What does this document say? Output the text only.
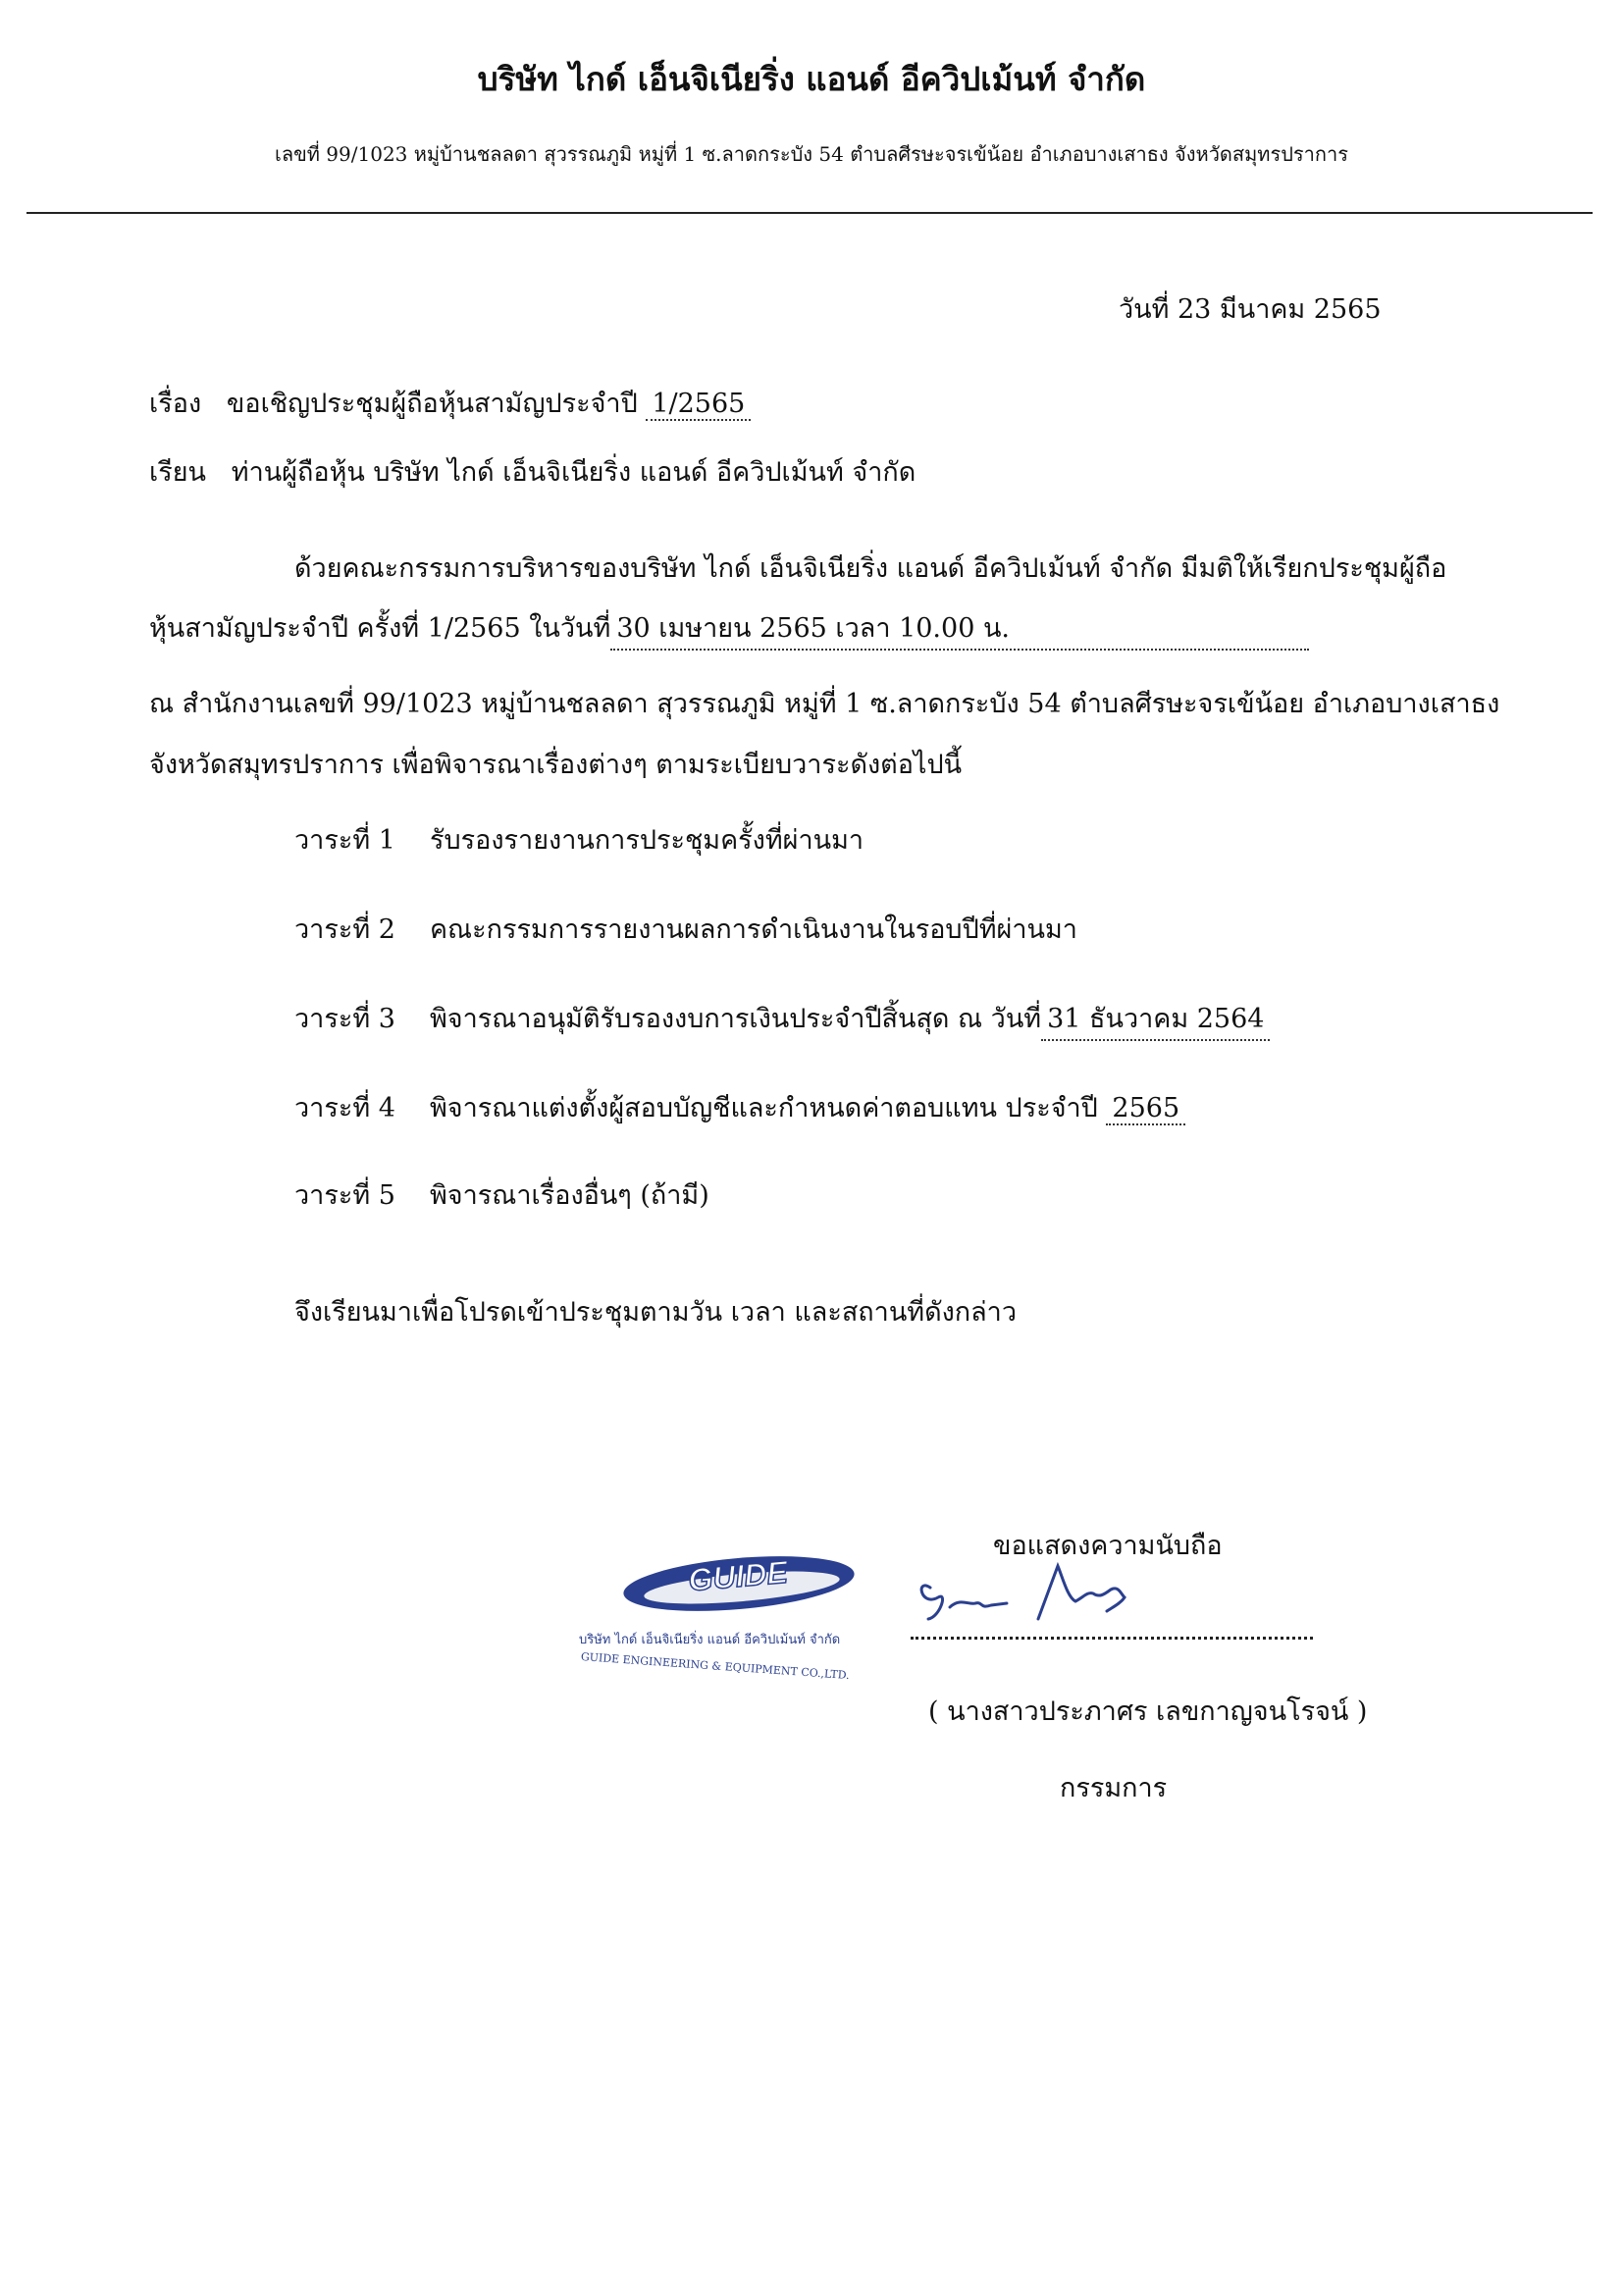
บริษัท ไกด์ เอ็นจิเนียริ่ง แอนด์ อีควิปเม้นท์ จำกัด
เลขที่ 99/1023 หมู่บ้านชลลดา สุวรรณภูมิ หมู่ที่ 1 ซ.ลาดกระบัง 54 ตำบลศีรษะจรเข้น้อย อำเภอบางเสาธง จังหวัดสมุทรปราการ
วันที่ 23 มีนาคม 2565
เรื่อง ขอเชิญประชุมผู้ถือหุ้นสามัญประจำปี 1/2565
เรียน ท่านผู้ถือหุ้น บริษัท ไกด์ เอ็นจิเนียริ่ง แอนด์ อีควิปเม้นท์ จำกัด
ด้วยคณะกรรมการบริหารของบริษัท ไกด์ เอ็นจิเนียริ่ง แอนด์ อีควิปเม้นท์ จำกัด มีมติให้เรียกประชุมผู้ถือ
หุ้นสามัญประจำปี ครั้งที่ 1/2565 ในวันที่ 30 เมษายน 2565 เวลา 10.00 น.
ณ สำนักงานเลขที่ 99/1023 หมู่บ้านชลลดา สุวรรณภูมิ หมู่ที่ 1 ซ.ลาดกระบัง 54 ตำบลศีรษะจรเข้น้อย อำเภอบางเสาธง
จังหวัดสมุทรปราการ เพื่อพิจารณาเรื่องต่างๆ ตามระเบียบวาระดังต่อไปนี้
วาระที่ 1 รับรองรายงานการประชุมครั้งที่ผ่านมา
วาระที่ 2 คณะกรรมการรายงานผลการดำเนินงานในรอบปีที่ผ่านมา
วาระที่ 3 พิจารณาอนุมัติรับรองงบการเงินประจำปีสิ้นสุด ณ วันที่ 31 ธันวาคม 2564
วาระที่ 4 พิจารณาแต่งตั้งผู้สอบบัญชีและกำหนดค่าตอบแทน ประจำปี 2565
วาระที่ 5 พิจารณาเรื่องอื่นๆ (ถ้ามี)
จึงเรียนมาเพื่อโปรดเข้าประชุมตามวัน เวลา และสถานที่ดังกล่าว
ขอแสดงความนับถือ
GUIDE
บริษัท ไกด์ เอ็นจิเนียริ่ง แอนด์ อีควิปเม้นท์ จำกัด
GUIDE ENGINEERING & EQUIPMENT CO.,LTD.
( นางสาวประภาศร เลขกาญจนโรจน์ )
กรรมการ
